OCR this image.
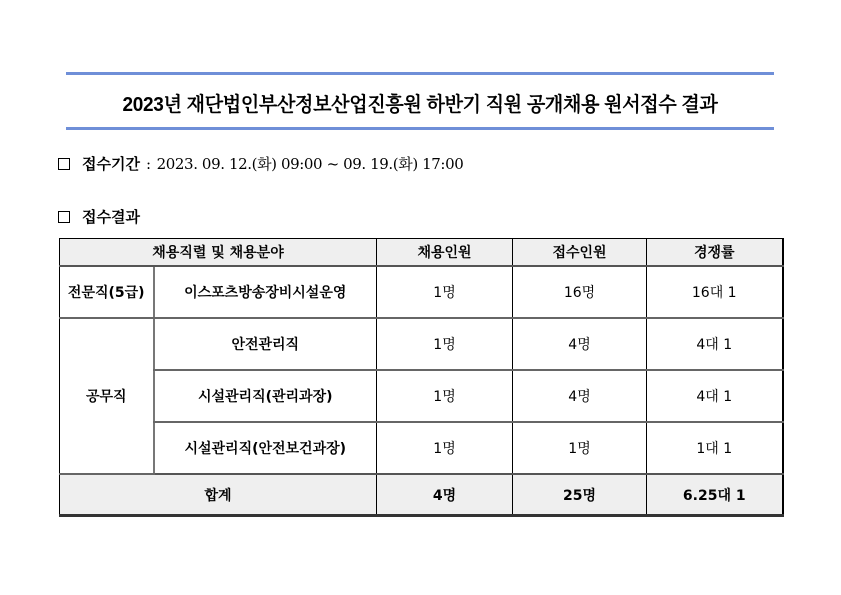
2023년 재단법인부산정보산업진흥원 하반기 직원 공개채용 원서접수 결과
접수기간 : 2023. 09. 12.(화) 09:00 ~ 09. 19.(화) 17:00
접수결과
채용직렬 및 채용분야		채용인원	접수인원	경쟁률
전문직(5급)	이스포츠방송장비시설운영	1명	16명	16대 1
공무직	안전관리직	1명	4명	4대 1
	시설관리직(관리과장)	1명	4명	4대 1
	시설관리직(안전보건과장)	1명	1명	1대 1
합계		4명	25명	6.25대 1
